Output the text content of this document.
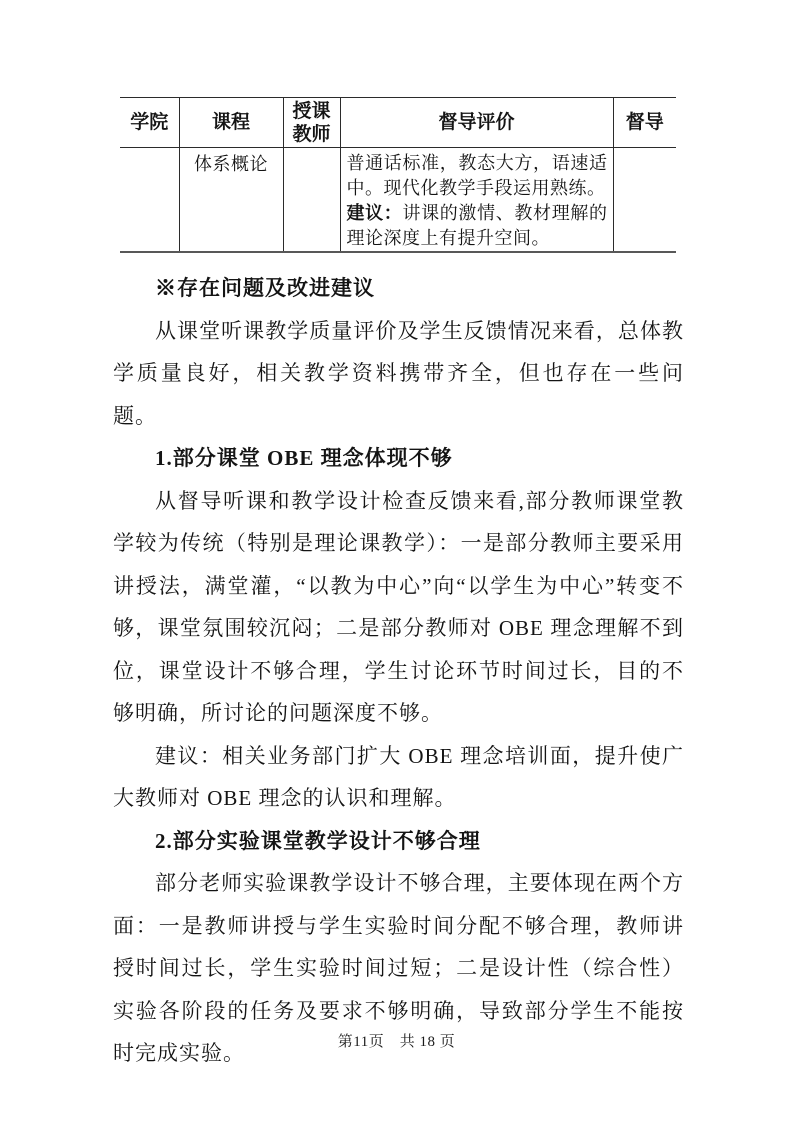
学院	课程	授课教师	督导评价	督导
	体系概论		普通话标准，教态大方，语速适中。现代化教学手段运用熟练。
建议：讲课的激情、教材理解的理论深度上有提升空间。	

※存在问题及改进建议
从课堂听课教学质量评价及学生反馈情况来看，总体教学质量良好，相关教学资料携带齐全，但也存在一些问题。
1.部分课堂 OBE 理念体现不够
从督导听课和教学设计检查反馈来看,部分教师课堂教学较为传统（特别是理论课教学）：一是部分教师主要采用讲授法，满堂灌，“以教为中心”向“以学生为中心”转变不够，课堂氛围较沉闷；二是部分教师对 OBE 理念理解不到位，课堂设计不够合理，学生讨论环节时间过长，目的不够明确，所讨论的问题深度不够。
建议：相关业务部门扩大 OBE 理念培训面，提升使广大教师对 OBE 理念的认识和理解。
2.部分实验课堂教学设计不够合理
部分老师实验课教学设计不够合理，主要体现在两个方面：一是教师讲授与学生实验时间分配不够合理，教师讲授时间过长，学生实验时间过短；二是设计性（综合性）实验各阶段的任务及要求不够明确，导致部分学生不能按时完成实验。	第11页　共 18 页
